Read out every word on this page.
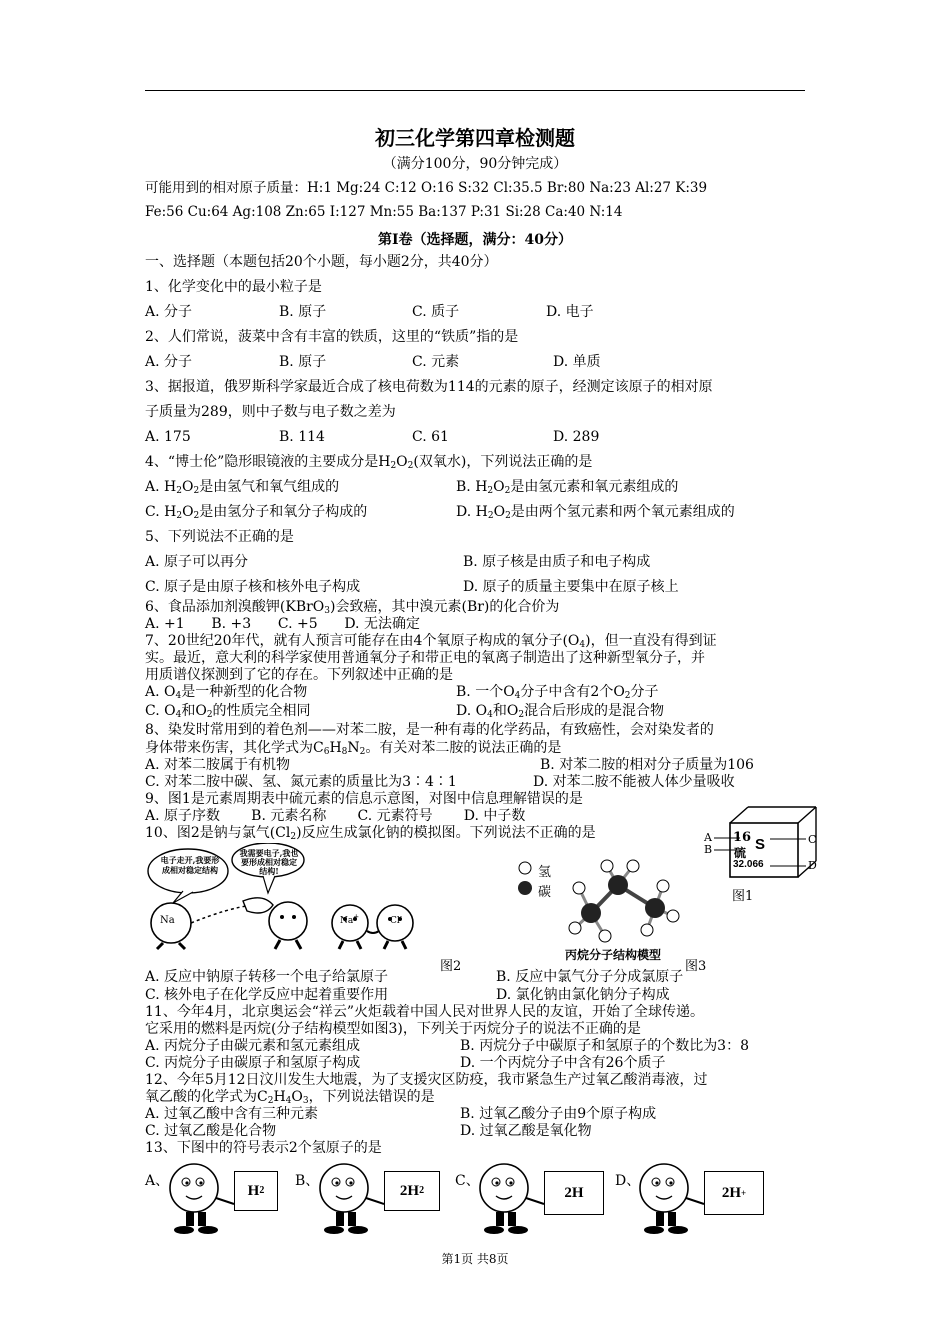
初三化学第四章检测题
（满分100分，90分钟完成）
可能用到的相对原子质量：H:1 Mg:24 C:12 O:16 S:32 Cl:35.5 Br:80 Na:23 Al:27 K:39
Fe:56 Cu:64 Ag:108 Zn:65 I:127 Mn:55 Ba:137 P:31 Si:28 Ca:40 N:14
第Ⅰ卷（选择题，满分：40分）
一、选择题（本题包括20个小题，每小题2分，共40分）
1、化学变化中的最小粒子是
A. 分子	B. 原子	C. 质子	D. 电子
2、人们常说，菠菜中含有丰富的铁质，这里的“铁质”指的是
A. 分子	B. 原子	C. 元素	D. 单质
3、据报道，俄罗斯科学家最近合成了核电荷数为114的元素的原子，经测定该原子的相对原
子质量为289，则中子数与电子数之差为
A. 175	B. 114	C. 61	D. 289
4、“博士伦”隐形眼镜液的主要成分是$H_2O_2$(双氧水)，下列说法正确的是
A. $H_2O_2$是由氢气和氧气组成的	B. $H_2O_2$是由氢元素和氧元素组成的
C. $H_2O_2$是由氢分子和氧分子构成的	D. $H_2O_2$是由两个氢元素和两个氧元素组成的
5、下列说法不正确的是
A. 原子可以再分	B. 原子核是由质子和电子构成
C. 原子是由原子核和核外电子构成	D. 原子的质量主要集中在原子核上
6、食品添加剂溴酸钾(KBrO$_3$)会致癌，其中溴元素(Br)的化合价为
A. +1      B. +3      C. +5      D. 无法确定
7、20世纪20年代，就有人预言可能存在由4个氧原子构成的氧分子$(O_4)$，但一直没有得到证
实。最近，意大利的科学家使用普通氧分子和带正电的氧离子制造出了这种新型氧分子，并
用质谱仪探测到了它的存在。下列叙述中正确的是
A. $O_4$是一种新型的化合物	B. 一个$O_4$分子中含有2个$O_2$分子
C. $O_4$和$O_2$的性质完全相同	D. $O_4$和$O_2$混合后形成的是混合物
8、染发时常用到的着色剂——对苯二胺，是一种有毒的化学药品，有致癌性，会对染发者的
身体带来伤害，其化学式为$C_6H_8N_2$。有关对苯二胺的说法正确的是
A. 对苯二胺属于有机物	B. 对苯二胺的相对分子质量为106
C. 对苯二胺中碳、氢、氮元素的质量比为3∶4∶1	D. 对苯二胺不能被人体少量吸收
9、图1是元素周期表中硫元素的信息示意图，对图中信息理解错误的是
A. 原子序数       B. 元素名称       C. 元素符号       D. 中子数
10、图2是钠与氯气$(Cl_2)$反应生成氯化钠的模拟图。下列说法不正确的是	16 S
硫
32.066
A
B
C
D
图1
电子走开,我要形成相对稳定结构
我需要电子,我也要形成相对稳定结构!
Na	Na+	Cl-
图2
氢
碳
丙烷分子结构模型
图3
A. 反应中钠原子转移一个电子给氯原子	B. 反应中氯气分子分成氯原子
C. 核外电子在化学反应中起着重要作用	D. 氯化钠由氯化钠分子构成
11、今年4月，北京奥运会“祥云”火炬载着中国人民对世界人民的友谊，开始了全球传递。
它采用的燃料是丙烷(分子结构模型如图3)，下列关于丙烷分子的说法不正确的是
A. 丙烷分子由碳元素和氢元素组成	B. 丙烷分子中碳原子和氢原子的个数比为3：8
C. 丙烷分子由碳原子和氢原子构成	D. 一个丙烷分子中含有26个质子
12、今年5月12日汶川发生大地震，为了支援灾区防疫，我市紧急生产过氧乙酸消毒液，过
氧乙酸的化学式为$C_2H_4O_3$，下列说法错误的是
A. 过氧乙酸中含有三种元素	B. 过氧乙酸分子由9个原子构成
C. 过氧乙酸是化合物	D. 过氧乙酸是氧化物
13、下图中的符号表示2个氢原子的是
A、	B、	C、	D、
H 2	2H 2	2H	2H +
第1页 共8页
